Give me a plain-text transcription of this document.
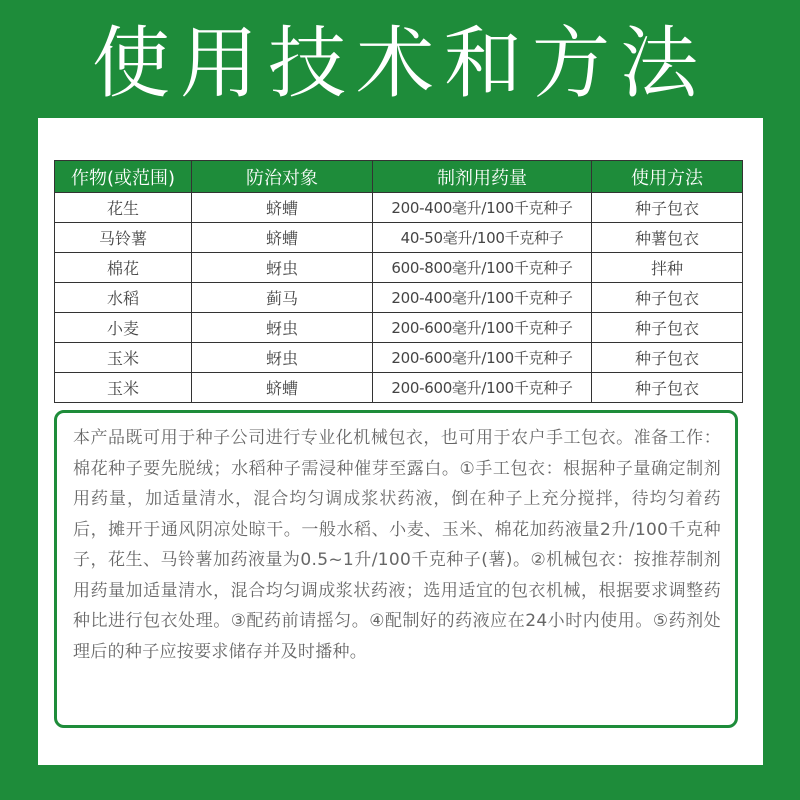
使用技术和方法
作物(或范围)	防治对象	制剂用药量	使用方法
花生	蛴螬	200-400毫升/100千克种子	种子包衣
马铃薯	蛴螬	40-50毫升/100千克种子	种薯包衣
棉花	蚜虫	600-800毫升/100千克种子	拌种
水稻	蓟马	200-400毫升/100千克种子	种子包衣
小麦	蚜虫	200-600毫升/100千克种子	种子包衣
玉米	蚜虫	200-600毫升/100千克种子	种子包衣
玉米	蛴螬	200-600毫升/100千克种子	种子包衣
本产品既可用于种子公司进行专业化机械包衣，也可用于农户手工包衣。准备工作：棉花种子要先脱绒；水稻种子需浸种催芽至露白。①手工包衣：根据种子量确定制剂用药量，加适量清水，混合均匀调成浆状药液，倒在种子上充分搅拌，待均匀着药后，摊开于通风阴凉处晾干。一般水稻、小麦、玉米、棉花加药液量2升/100千克种子，花生、马铃薯加药液量为0.5~1升/100千克种子(薯)。②机械包衣：按推荐制剂用药量加适量清水，混合均匀调成浆状药液；选用适宜的包衣机械，根据要求调整药种比进行包衣处理。③配药前请摇匀。④配制好的药液应在24小时内使用。⑤药剂处理后的种子应按要求储存并及时播种。
